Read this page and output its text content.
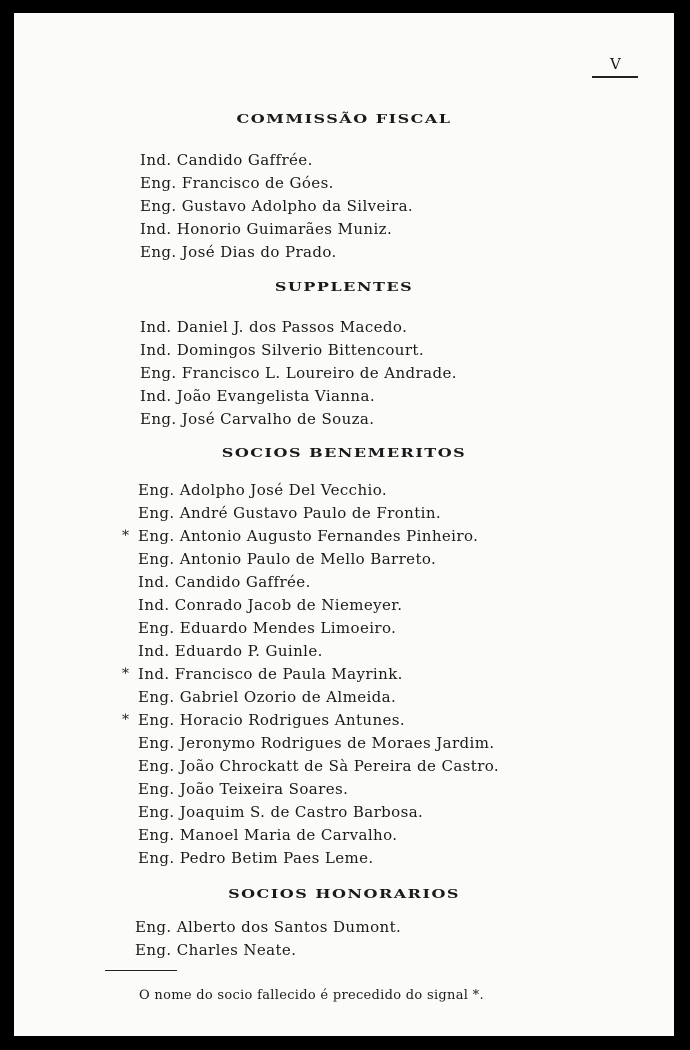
V
COMMISSÃO FISCAL
Ind. Candido Gaffrée.
Eng. Francisco de Góes.
Eng. Gustavo Adolpho da Silveira.
Ind. Honorio Guimarães Muniz.
Eng. José Dias do Prado.
SUPPLENTES
Ind. Daniel J. dos Passos Macedo.
Ind. Domingos Silverio Bittencourt.
Eng. Francisco L. Loureiro de Andrade.
Ind. João Evangelista Vianna.
Eng. José Carvalho de Souza.
SOCIOS BENEMERITOS
Eng. Adolpho José Del Vecchio.
Eng. André Gustavo Paulo de Frontin.
* Eng. Antonio Augusto Fernandes Pinheiro.
Eng. Antonio Paulo de Mello Barreto.
Ind. Candido Gaffrée.
Ind. Conrado Jacob de Niemeyer.
Eng. Eduardo Mendes Limoeiro.
Ind. Eduardo P. Guinle.
* Ind. Francisco de Paula Mayrink.
Eng. Gabriel Ozorio de Almeida.
* Eng. Horacio Rodrigues Antunes.
Eng. Jeronymo Rodrigues de Moraes Jardim.
Eng. João Chrockatt de Sà Pereira de Castro.
Eng. João Teixeira Soares.
Eng. Joaquim S. de Castro Barbosa.
Eng. Manoel Maria de Carvalho.
Eng. Pedro Betim Paes Leme.
SOCIOS HONORARIOS
Eng. Alberto dos Santos Dumont.
Eng. Charles Neate.
O nome do socio fallecido é precedido do signal *.
